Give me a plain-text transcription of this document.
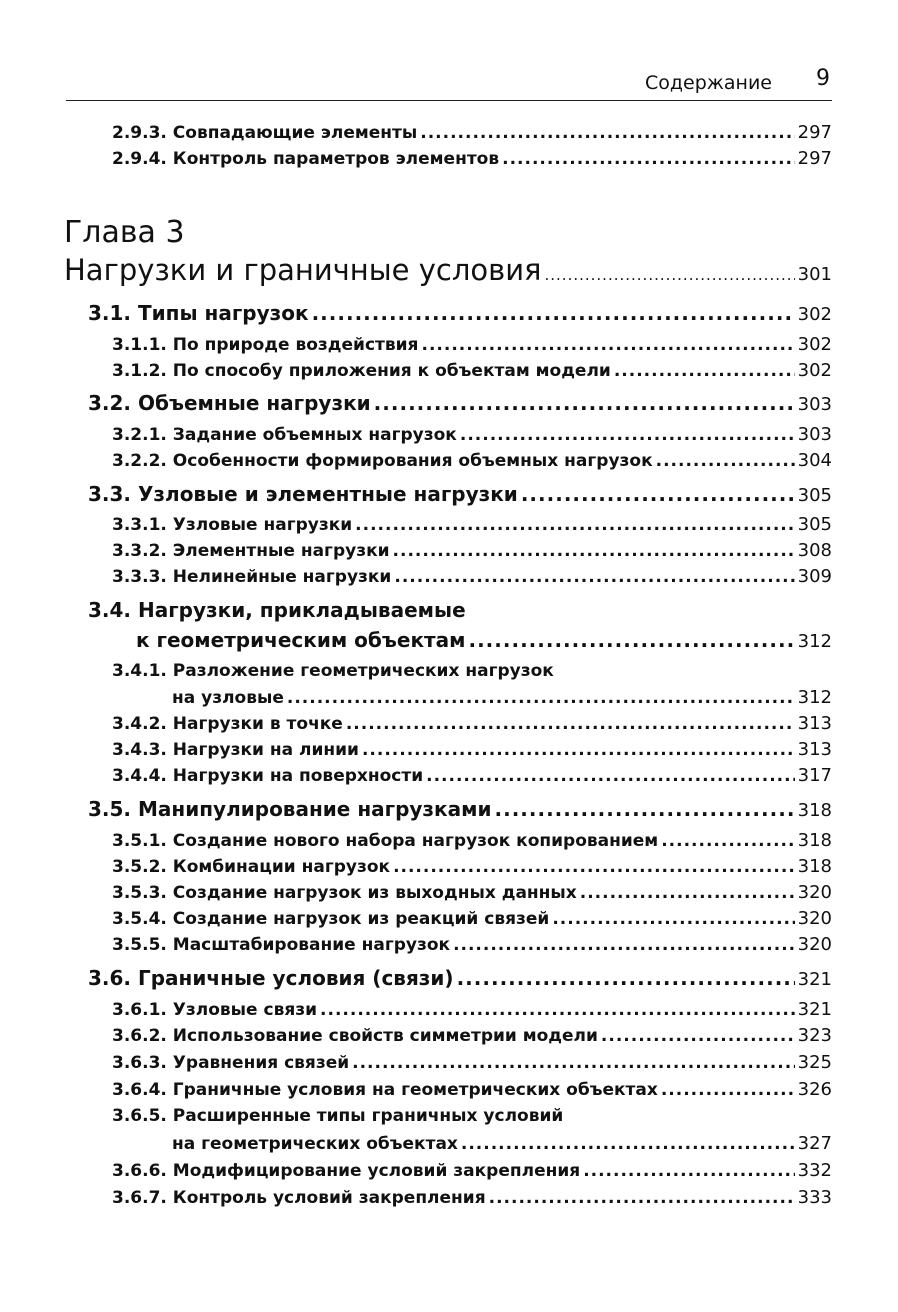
Содержание 9
2.9.3. Совпадающие элементы .....	297
2.9.4. Контроль параметров элементов .....	297
Глава 3
Нагрузки и граничные условия .....	301
3.1. Типы нагрузок .....	302
3.1.1. По природе воздействия .....	302
3.1.2. По способу приложения к объектам модели .....	302
3.2. Объемные нагрузки .....	303
3.2.1. Задание объемных нагрузок .....	303
3.2.2. Особенности формирования объемных нагрузок .....	304
3.3. Узловые и элементные нагрузки .....	305
3.3.1. Узловые нагрузки .....	305
3.3.2. Элементные нагрузки .....	308
3.3.3. Нелинейные нагрузки .....	309
3.4. Нагрузки, прикладываемые
к геометрическим объектам .....	312
3.4.1. Разложение геометрических нагрузок
на узловые .....	312
3.4.2. Нагрузки в точке .....	313
3.4.3. Нагрузки на линии .....	313
3.4.4. Нагрузки на поверхности .....	317
3.5. Манипулирование нагрузками .....	318
3.5.1. Создание нового набора нагрузок копированием .....	318
3.5.2. Комбинации нагрузок .....	318
3.5.3. Создание нагрузок из выходных данных .....	320
3.5.4. Создание нагрузок из реакций связей .....	320
3.5.5. Масштабирование нагрузок .....	320
3.6. Граничные условия (связи) .....	321
3.6.1. Узловые связи .....	321
3.6.2. Использование свойств симметрии модели .....	323
3.6.3. Уравнения связей .....	325
3.6.4. Граничные условия на геометрических объектах .....	326
3.6.5. Расширенные типы граничных условий
на геометрических объектах .....	327
3.6.6. Модифицирование условий закрепления .....	332
3.6.7. Контроль условий закрепления .....	333
